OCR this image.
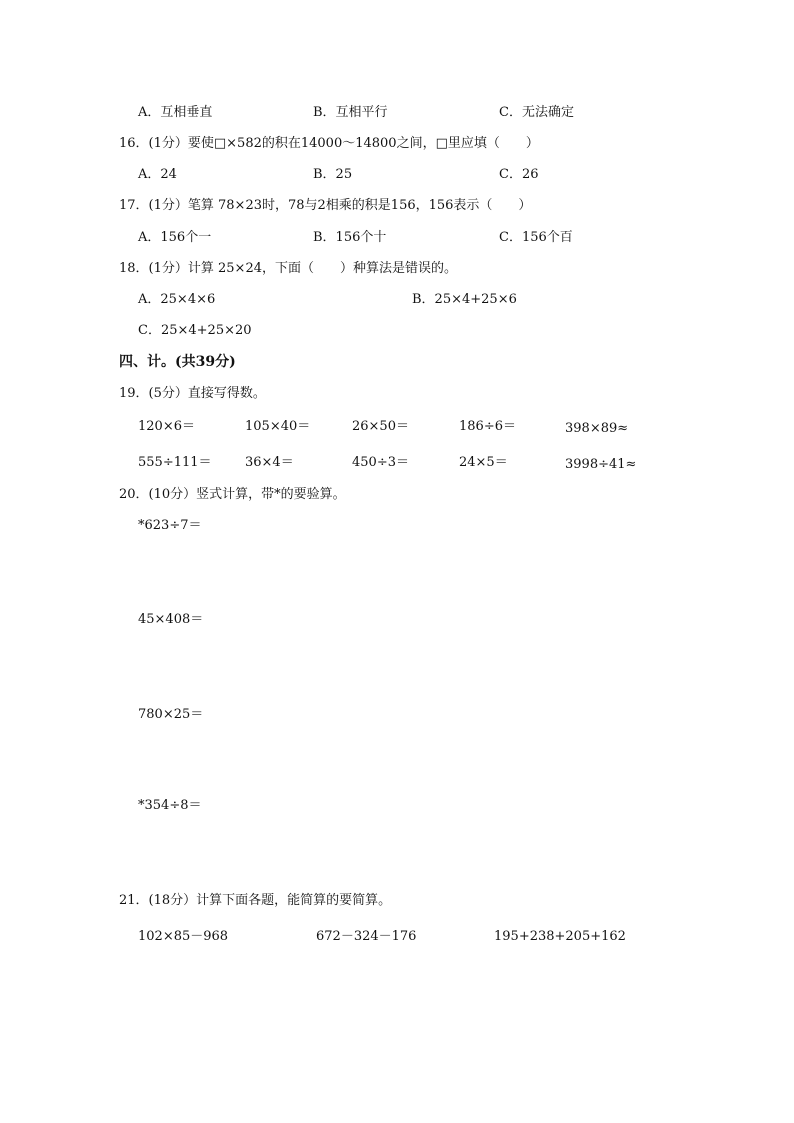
A．互相垂直	B．互相平行	C．无法确定
16．(1分）要使□×582的积在14000～14800之间，□里应填（　　）
A．24	B．25	C．26
17．(1分）笔算 78×23时，78与2相乘的积是156，156表示（　　）
A．156个一	B．156个十	C．156个百
18．(1分）计算 25×24，下面（　　）种算法是错误的。
A．25×4×6	B．25×4+25×6
C．25×4+25×20
四、计。(共39分)
19．(5分）直接写得数。
120×6＝	105×40＝	26×50＝	186÷6＝	398×89≈
555÷111＝	36×4＝	450÷3＝	24×5＝	3998÷41≈
20．(10分）竖式计算，带*的要验算。
*623÷7＝
45×408＝
780×25＝
*354÷8＝
21．(18分）计算下面各题，能简算的要简算。
102×85－968	672－324－176	195+238+205+162
